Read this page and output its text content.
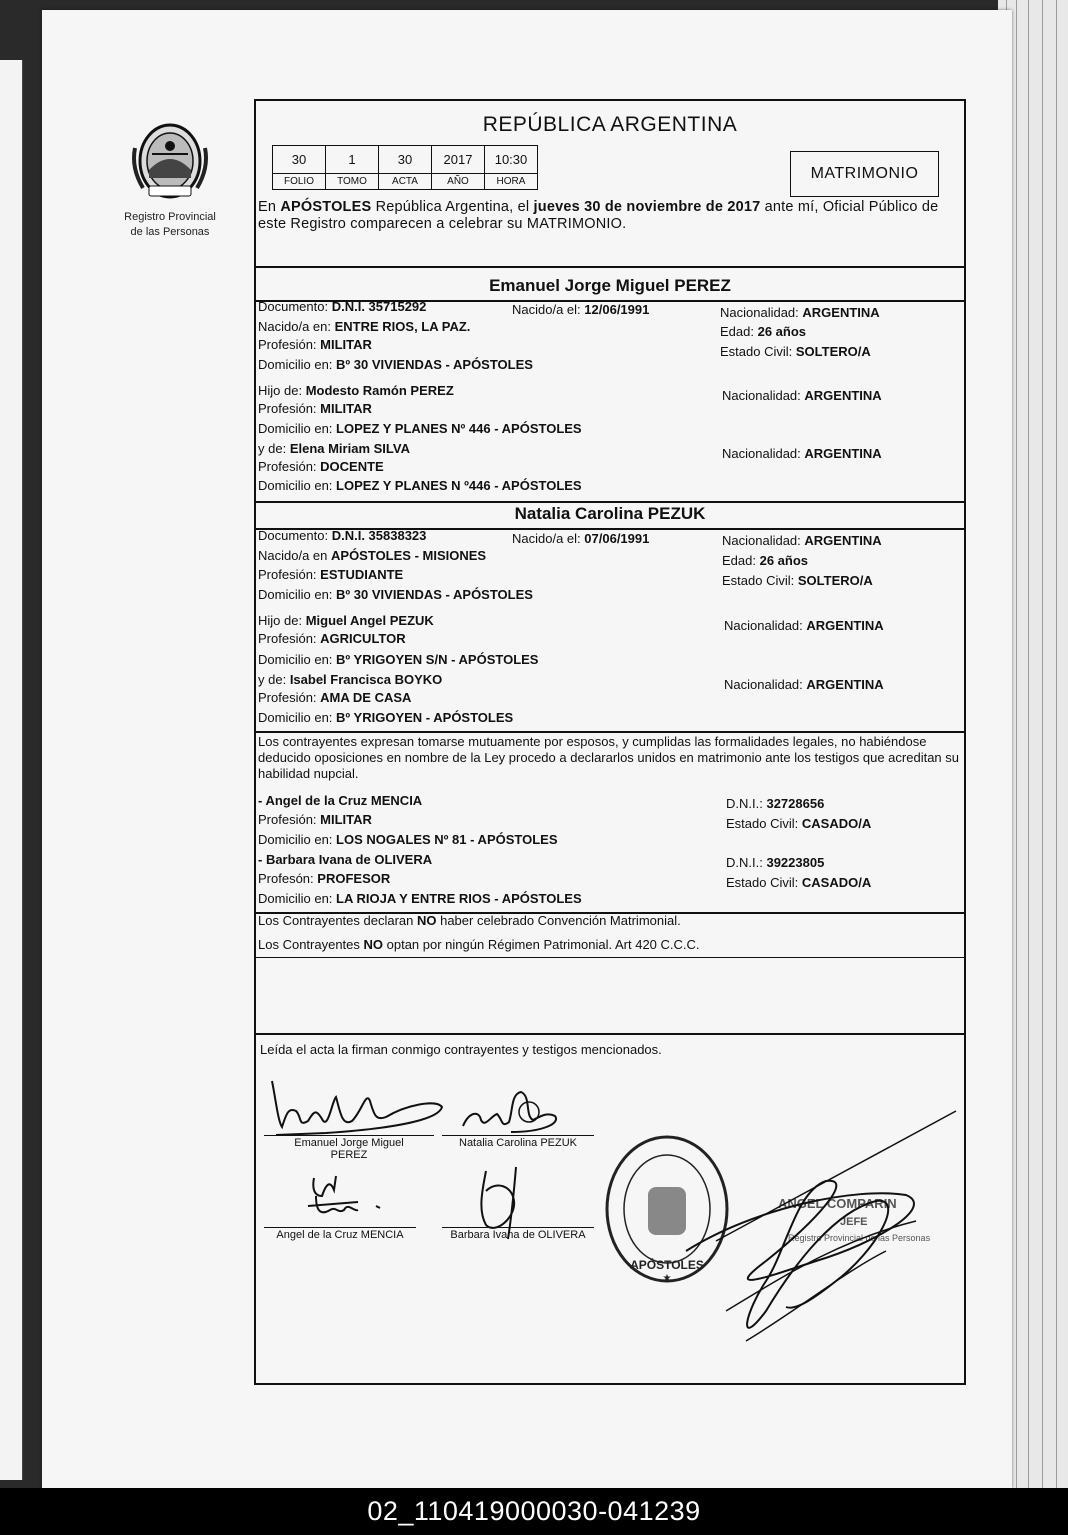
Registro Provincial
de las Personas
REPÚBLICA ARGENTINA
30	1	30	2017	10:30
FOLIO	TOMO	ACTA	AÑO	HORA	MATRIMONIO
En APÓSTOLES República Argentina, el jueves 30 de noviembre de 2017 ante mí, Oficial Público de este Registro comparecen a celebrar su MATRIMONIO.
Emanuel Jorge Miguel PEREZ
Documento: D.N.I. 35715292	Nacido/a el: 12/06/1991	Nacionalidad: ARGENTINA
Nacido/a en: ENTRE RIOS, LA PAZ.	Edad: 26 años
Profesión: MILITAR	Estado Civil: SOLTERO/A
Domicilio en: Bº 30 VIVIENDAS - APÓSTOLES
Hijo de: Modesto Ramón PEREZ	Nacionalidad: ARGENTINA
Profesión: MILITAR
Domicilio en: LOPEZ Y PLANES Nº 446 - APÓSTOLES
y de: Elena Miriam SILVA	Nacionalidad: ARGENTINA
Profesión: DOCENTE
Domicilio en: LOPEZ Y PLANES N º446 - APÓSTOLES
Natalia Carolina PEZUK
Documento: D.N.I. 35838323	Nacido/a el: 07/06/1991	Nacionalidad: ARGENTINA
Nacido/a en APÓSTOLES - MISIONES	Edad: 26 años
Profesión: ESTUDIANTE	Estado Civil: SOLTERO/A
Domicilio en: Bº 30 VIVIENDAS - APÓSTOLES
Hijo de: Miguel Angel PEZUK	Nacionalidad: ARGENTINA
Profesión: AGRICULTOR
Domicilio en: Bº YRIGOYEN S/N - APÓSTOLES
y de: Isabel Francisca BOYKO	Nacionalidad: ARGENTINA
Profesión: AMA DE CASA
Domicilio en: Bº YRIGOYEN - APÓSTOLES
Los contrayentes expresan tomarse mutuamente por esposos, y cumplidas las formalidades legales, no habiéndose deducido oposiciones en nombre de la Ley procedo a declararlos unidos en matrimonio ante los testigos que acreditan su habilidad nupcial.
- Angel de la Cruz MENCIA	D.N.I.: 32728656
Profesión: MILITAR	Estado Civil: CASADO/A
Domicilio en: LOS NOGALES Nº 81 - APÓSTOLES
- Barbara Ivana de OLIVERA	D.N.I.: 39223805
Profesón: PROFESOR	Estado Civil: CASADO/A
Domicilio en: LA RIOJA Y ENTRE RIOS - APÓSTOLES
Los Contrayentes declaran NO haber celebrado Convención Matrimonial.
Los Contrayentes NO optan por ningún Régimen Patrimonial. Art 420 C.C.C.
Leída el acta la firman conmigo contrayentes y testigos mencionados.
Emanuel Jorge Miguel
PEREZ
Natalia Carolina PEZUK
Angel de la Cruz MENCIA	Barbara Ivana de OLIVERA
APÓSTOLES
★
ANGEL COMPARIN
JEFE
Registro Provincial de las Personas
02_110419000030-041239
